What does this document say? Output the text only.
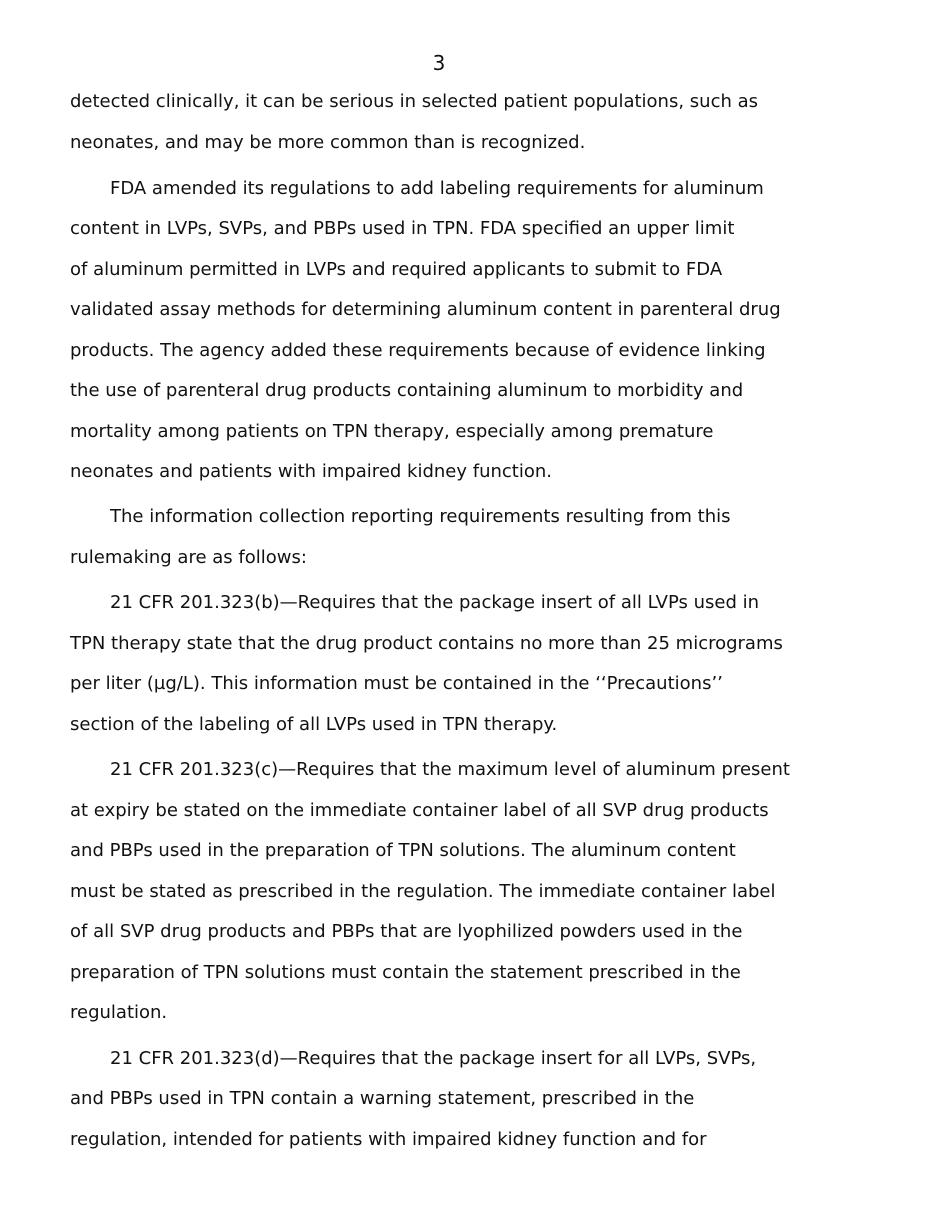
3
detected clinically, it can be serious in selected patient populations, such as
neonates, and may be more common than is recognized.
FDA amended its regulations to add labeling requirements for aluminum
content in LVPs, SVPs, and PBPs used in TPN. FDA specified an upper limit
of aluminum permitted in LVPs and required applicants to submit to FDA
validated assay methods for determining aluminum content in parenteral drug
products. The agency added these requirements because of evidence linking
the use of parenteral drug products containing aluminum to morbidity and
mortality among patients on TPN therapy, especially among premature
neonates and patients with impaired kidney function.
The information collection reporting requirements resulting from this
rulemaking are as follows:
21 CFR 201.323(b)—Requires that the package insert of all LVPs used in
TPN therapy state that the drug product contains no more than 25 micrograms
per liter (µg/L). This information must be contained in the ‘‘Precautions’’
section of the labeling of all LVPs used in TPN therapy.
21 CFR 201.323(c)—Requires that the maximum level of aluminum present
at expiry be stated on the immediate container label of all SVP drug products
and PBPs used in the preparation of TPN solutions. The aluminum content
must be stated as prescribed in the regulation. The immediate container label
of all SVP drug products and PBPs that are lyophilized powders used in the
preparation of TPN solutions must contain the statement prescribed in the
regulation.
21 CFR 201.323(d)—Requires that the package insert for all LVPs, SVPs,
and PBPs used in TPN contain a warning statement, prescribed in the
regulation, intended for patients with impaired kidney function and for
